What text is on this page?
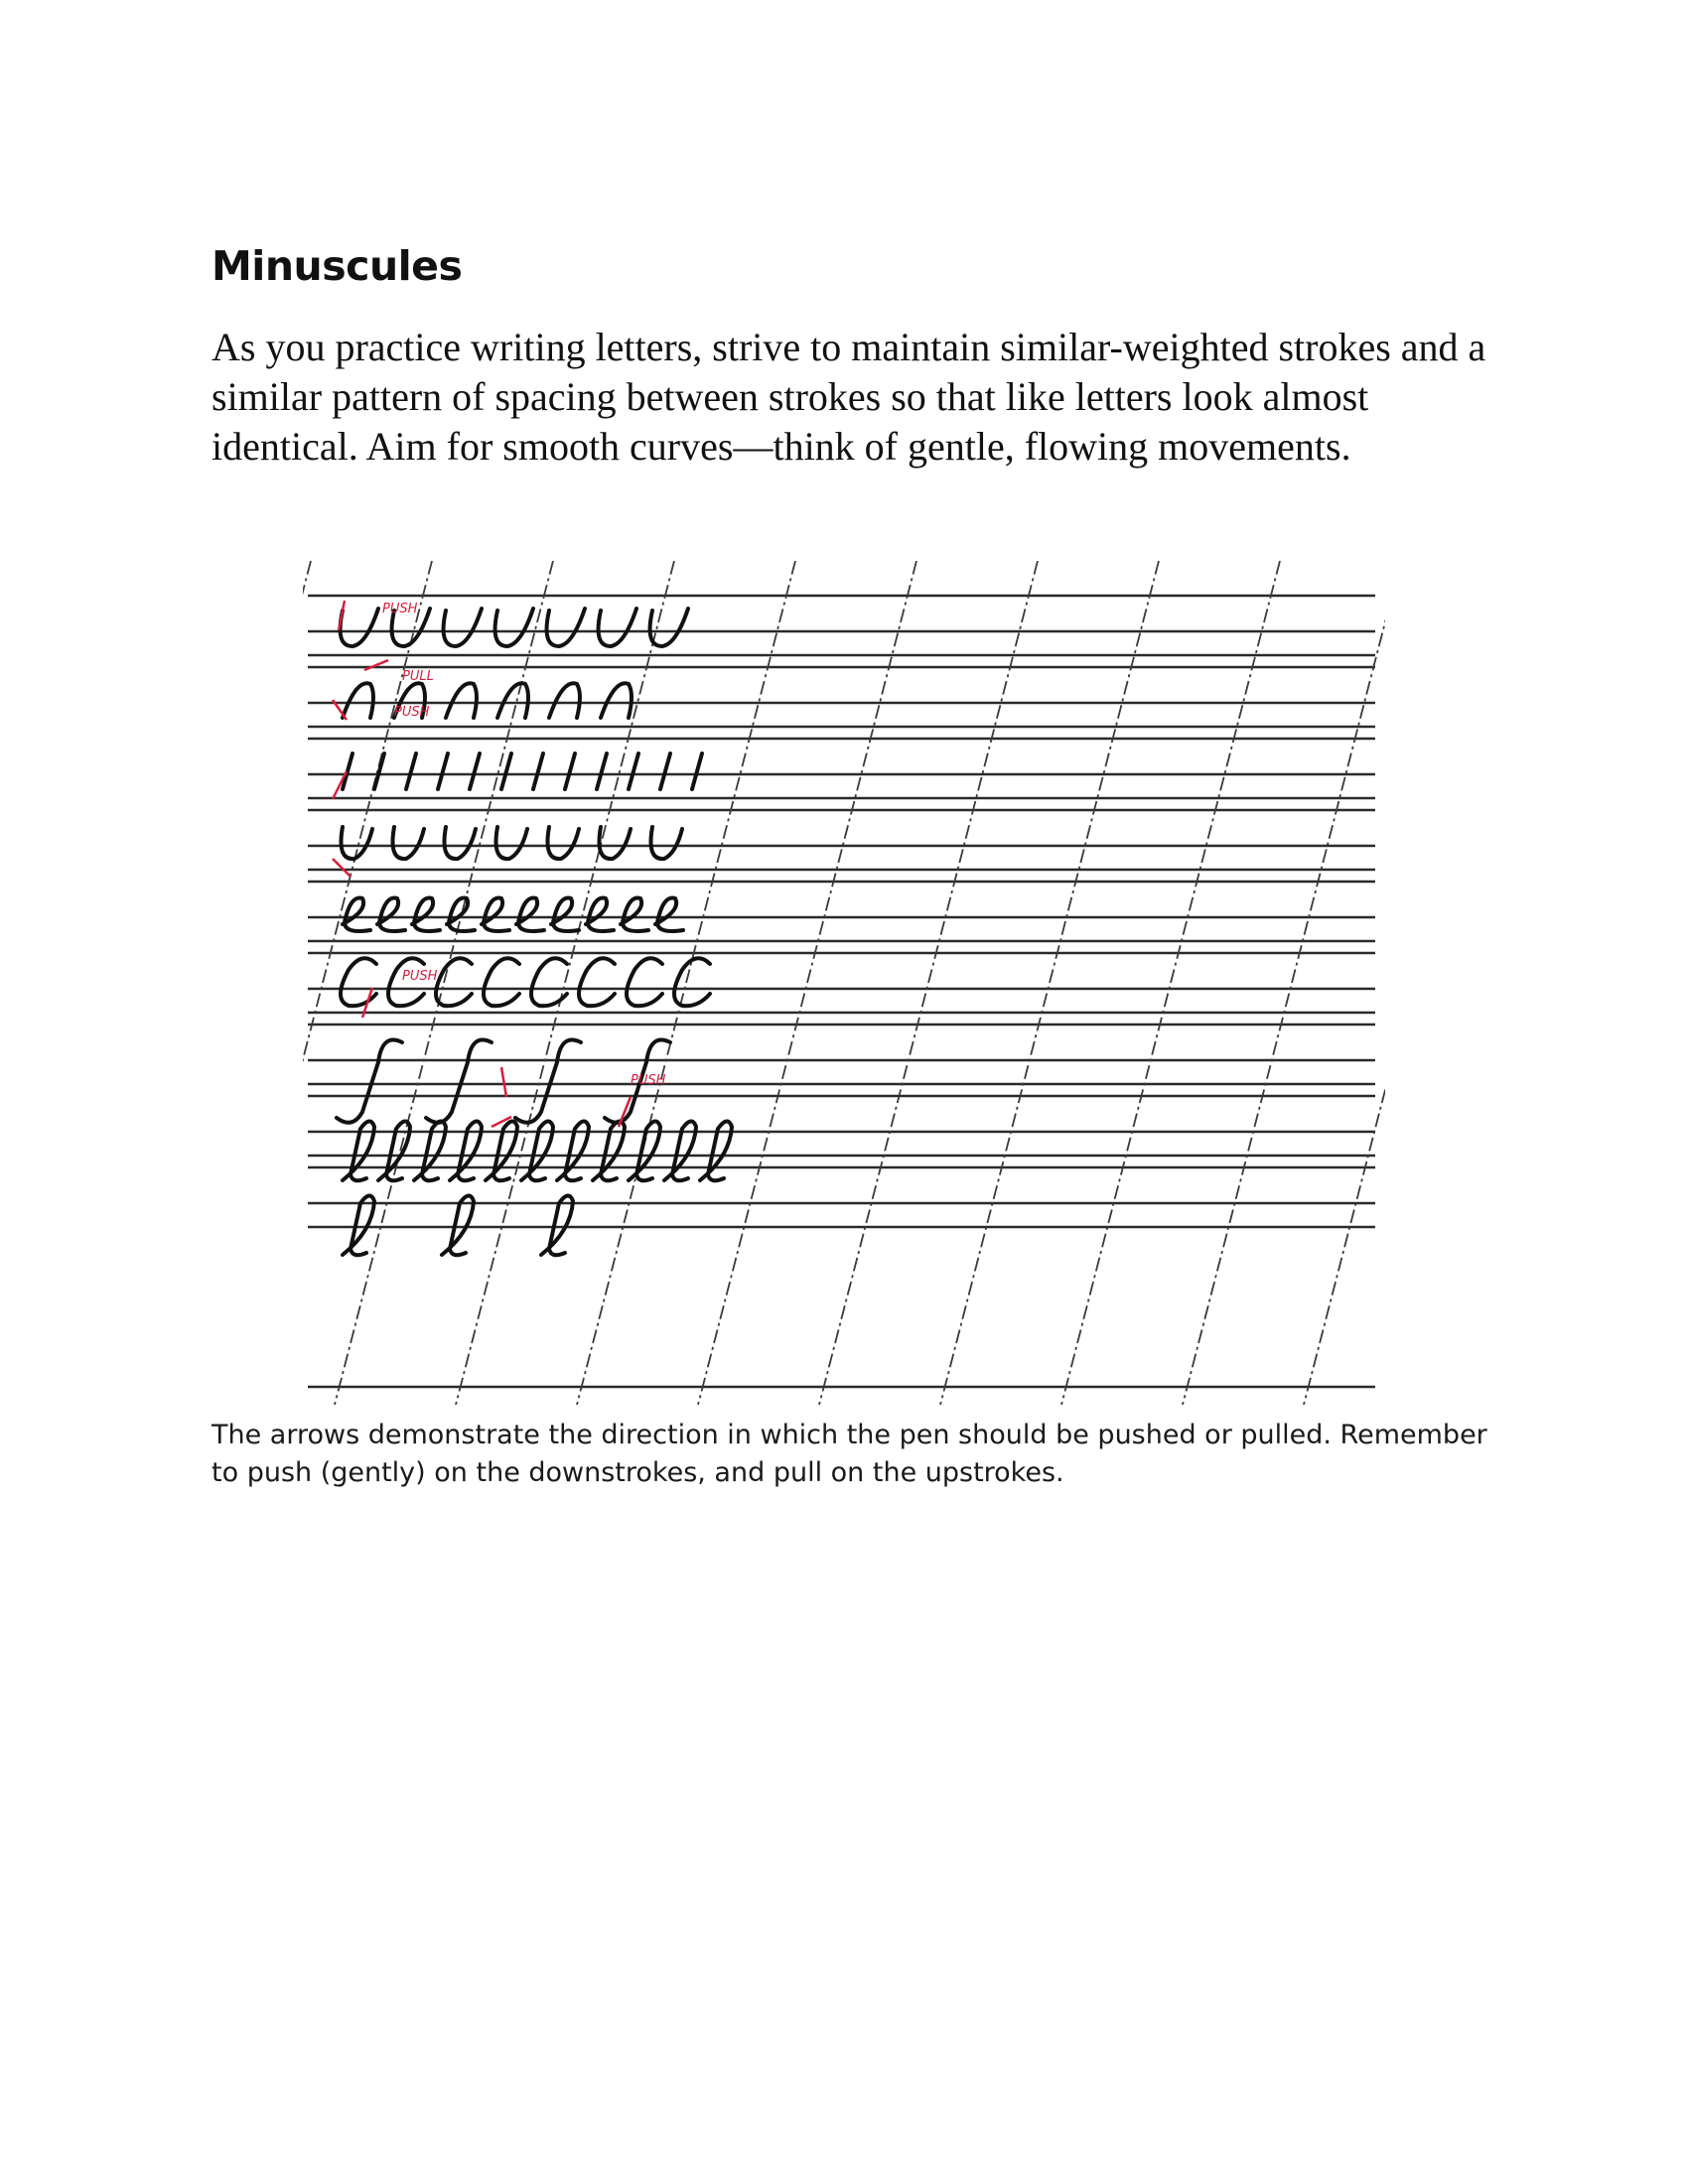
Minuscules

As you practice writing letters, strive to maintain similar-weighted strokes and a similar pattern of spacing between strokes so that like letters look almost identical. Aim for smooth curves—think of gentle, flowing movements.

PUSH
PULL
PUSH
PUSH
PUSH

The arrows demonstrate the direction in which the pen should be pushed or pulled. Remember to push (gently) on the downstrokes, and pull on the upstrokes.
